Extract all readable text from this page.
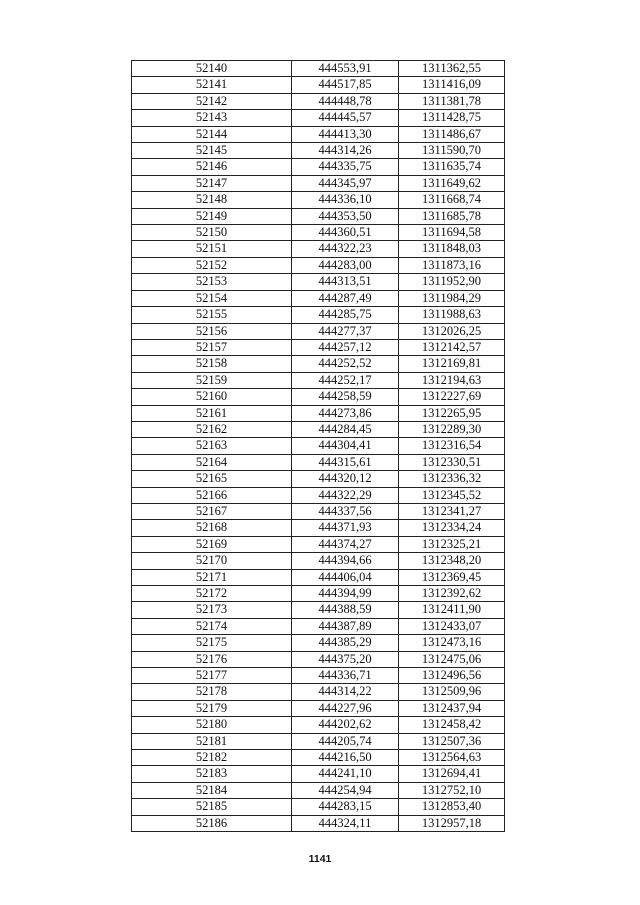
52140	444553,91	1311362,55
52141	444517,85	1311416,09
52142	444448,78	1311381,78
52143	444445,57	1311428,75
52144	444413,30	1311486,67
52145	444314,26	1311590,70
52146	444335,75	1311635,74
52147	444345,97	1311649,62
52148	444336,10	1311668,74
52149	444353,50	1311685,78
52150	444360,51	1311694,58
52151	444322,23	1311848,03
52152	444283,00	1311873,16
52153	444313,51	1311952,90
52154	444287,49	1311984,29
52155	444285,75	1311988,63
52156	444277,37	1312026,25
52157	444257,12	1312142,57
52158	444252,52	1312169,81
52159	444252,17	1312194,63
52160	444258,59	1312227,69
52161	444273,86	1312265,95
52162	444284,45	1312289,30
52163	444304,41	1312316,54
52164	444315,61	1312330,51
52165	444320,12	1312336,32
52166	444322,29	1312345,52
52167	444337,56	1312341,27
52168	444371,93	1312334,24
52169	444374,27	1312325,21
52170	444394,66	1312348,20
52171	444406,04	1312369,45
52172	444394,99	1312392,62
52173	444388,59	1312411,90
52174	444387,89	1312433,07
52175	444385,29	1312473,16
52176	444375,20	1312475,06
52177	444336,71	1312496,56
52178	444314,22	1312509,96
52179	444227,96	1312437,94
52180	444202,62	1312458,42
52181	444205,74	1312507,36
52182	444216,50	1312564,63
52183	444241,10	1312694,41
52184	444254,94	1312752,10
52185	444283,15	1312853,40
52186	444324,11	1312957,18
1141
